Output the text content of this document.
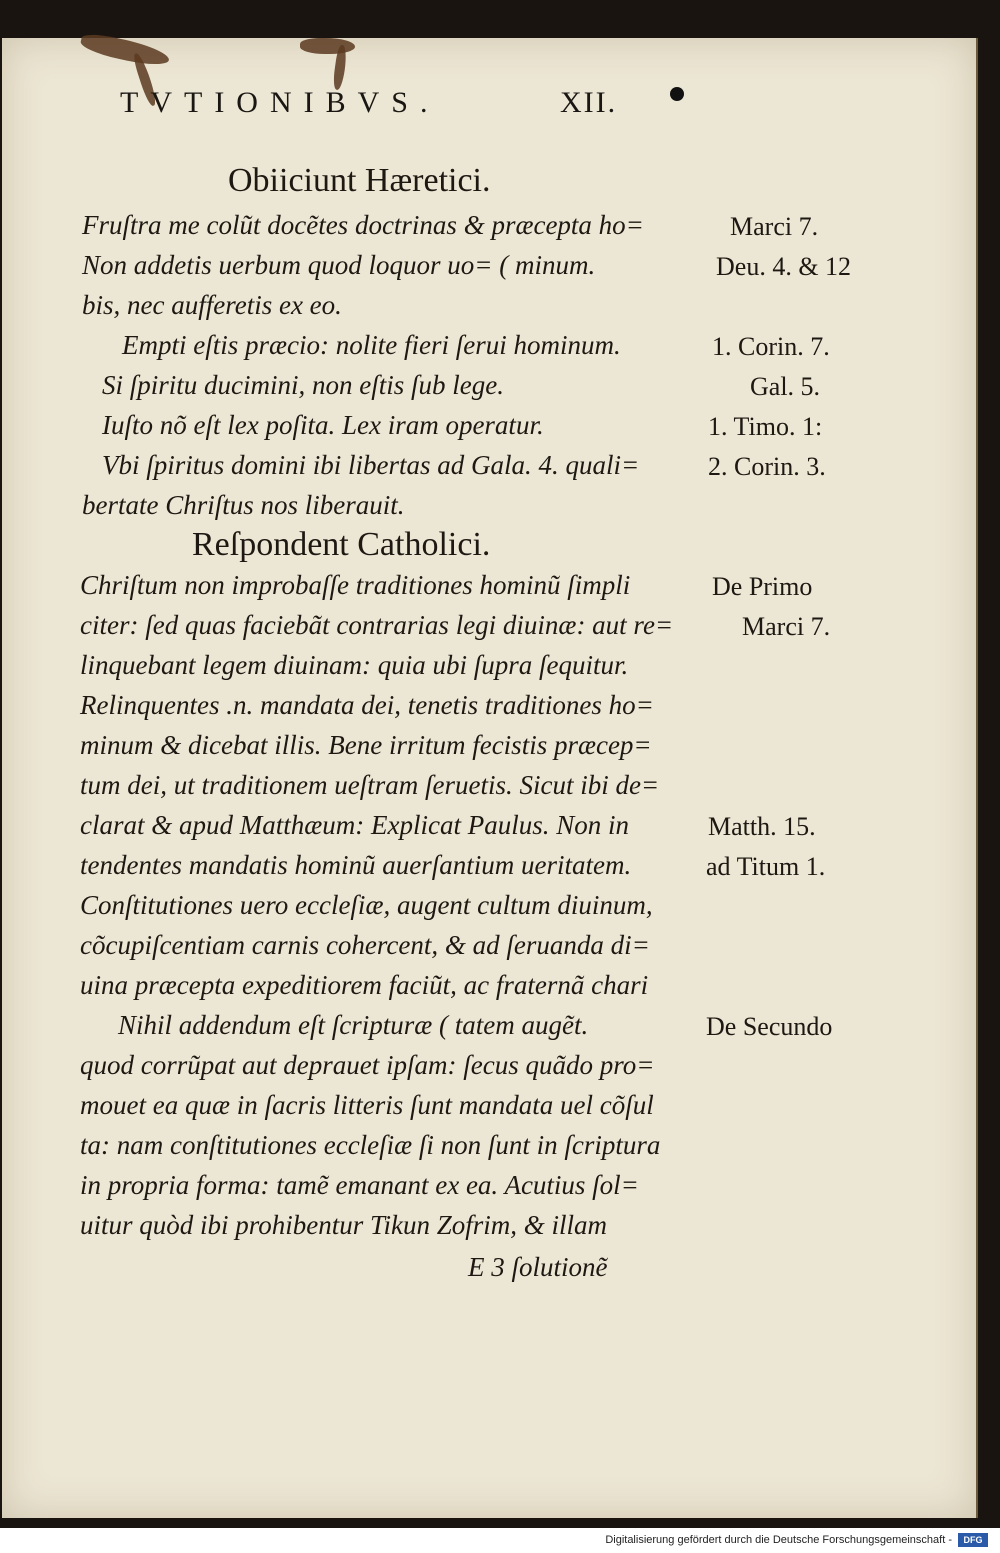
TVTIONIBVS.	XII.
Obiiciunt Hæretici.
Fruſtra me colũt docẽtes doctrinas & præcepta ho=
Non addetis uerbum quod loquor uo= ( minum.
bis, nec aufferetis ex eo.
Empti eſtis præcio: nolite fieri ſerui hominum.
Si ſpiritu ducimini, non eſtis ſub lege.
Iuſto nõ eſt lex poſita. Lex iram operatur.
Vbi ſpiritus domini ibi libertas ad Gala. 4. quali=
bertate Chriſtus nos liberauit.
Reſpondent Catholici.
Chriſtum non improbaſſe traditiones hominũ ſimpli
citer: ſed quas faciebãt contrarias legi diuinæ: aut re=
linquebant legem diuinam: quia ubi ſupra ſequitur.
Relinquentes .n. mandata dei, tenetis traditiones ho=
minum & dicebat illis. Bene irritum fecistis præcep=
tum dei, ut traditionem ueſtram ſeruetis. Sicut ibi de=
clarat & apud Matthæum: Explicat Paulus. Non in
tendentes mandatis hominũ auerſantium ueritatem.
Conſtitutiones uero eccleſiæ, augent cultum diuinum,
cõcupiſcentiam carnis cohercent, & ad ſeruanda di=
uina præcepta expeditiorem faciũt, ac fraternã chari
Nihil addendum eſt ſcripturæ ( tatem augẽt.
quod corrũpat aut deprauet ipſam: ſecus quãdo pro=
mouet ea quæ in ſacris litteris ſunt mandata uel cõſul
ta: nam conſtitutiones eccleſiæ ſi non ſunt in ſcriptura
in propria forma: tamẽ emanant ex ea. Acutius ſol=
uitur quòd ibi prohibentur Tikun Zofrim, & illam
E 3 ſolutionẽ
Marci 7.
Deu. 4. & 12
1. Corin. 7.
Gal. 5.
1. Timo. 1:
2. Corin. 3.
De Primo
Marci 7.
Matth. 15.
ad Titum 1.
De Secundo
Digitalisierung gefördert durch die Deutsche Forschungsgemeinschaft -	DFG
